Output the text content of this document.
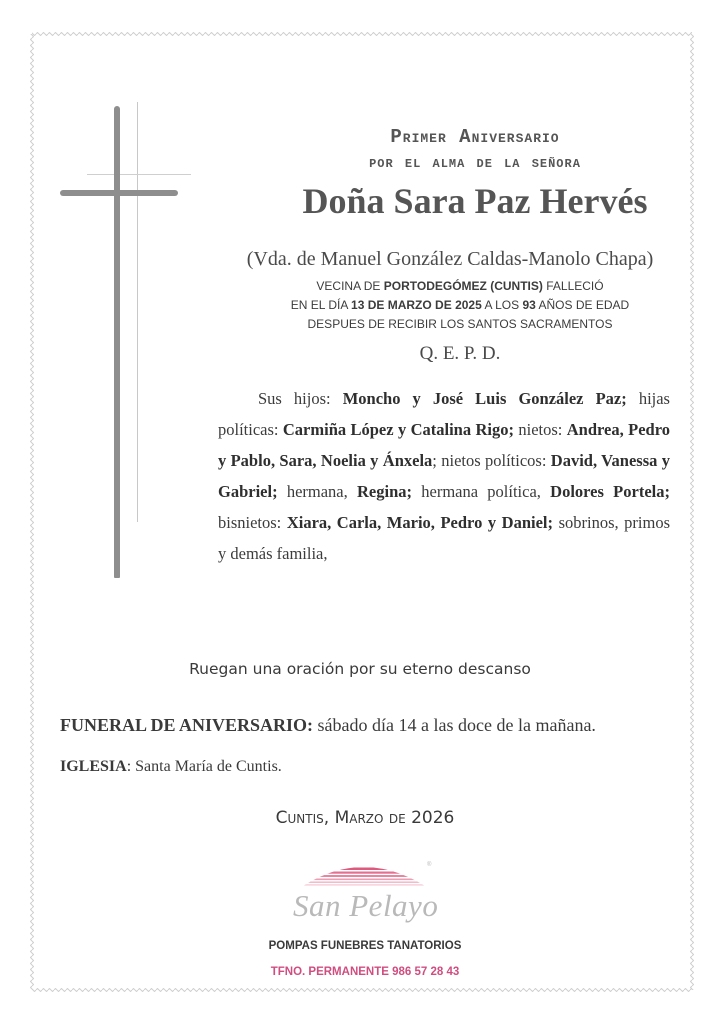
Primer Aniversario
por el alma de la señora
Doña Sara Paz Hervés
(Vda. de Manuel González Caldas-Manolo Chapa)
VECINA DE PORTODEGÓMEZ (CUNTIS) FALLECIÓ
EN EL DÍA 13 DE MARZO DE 2025 A LOS 93 AÑOS DE EDAD
DESPUES DE RECIBIR LOS SANTOS SACRAMENTOS
Q. E. P. D.
Sus hijos: Moncho y José Luis González Paz; hijas políticas: Carmiña López y Catalina Rigo; nietos: Andrea, Pedro y Pablo, Sara, Noelia y Ánxela; nietos políticos: David, Vanessa y Gabriel; hermana, Regina; hermana política, Dolores Portela; bisnietos: Xiara, Carla, Mario, Pedro y Daniel; sobrinos, primos y demás familia,
Ruegan una oración por su eterno descanso
FUNERAL DE ANIVERSARIO: sábado día 14 a las doce de la mañana.
IGLESIA: Santa María de Cuntis.
Cuntis, Marzo de 2026
®
San Pelayo
POMPAS FUNEBRES TANATORIOS
TFNO. PERMANENTE 986 57 28 43
